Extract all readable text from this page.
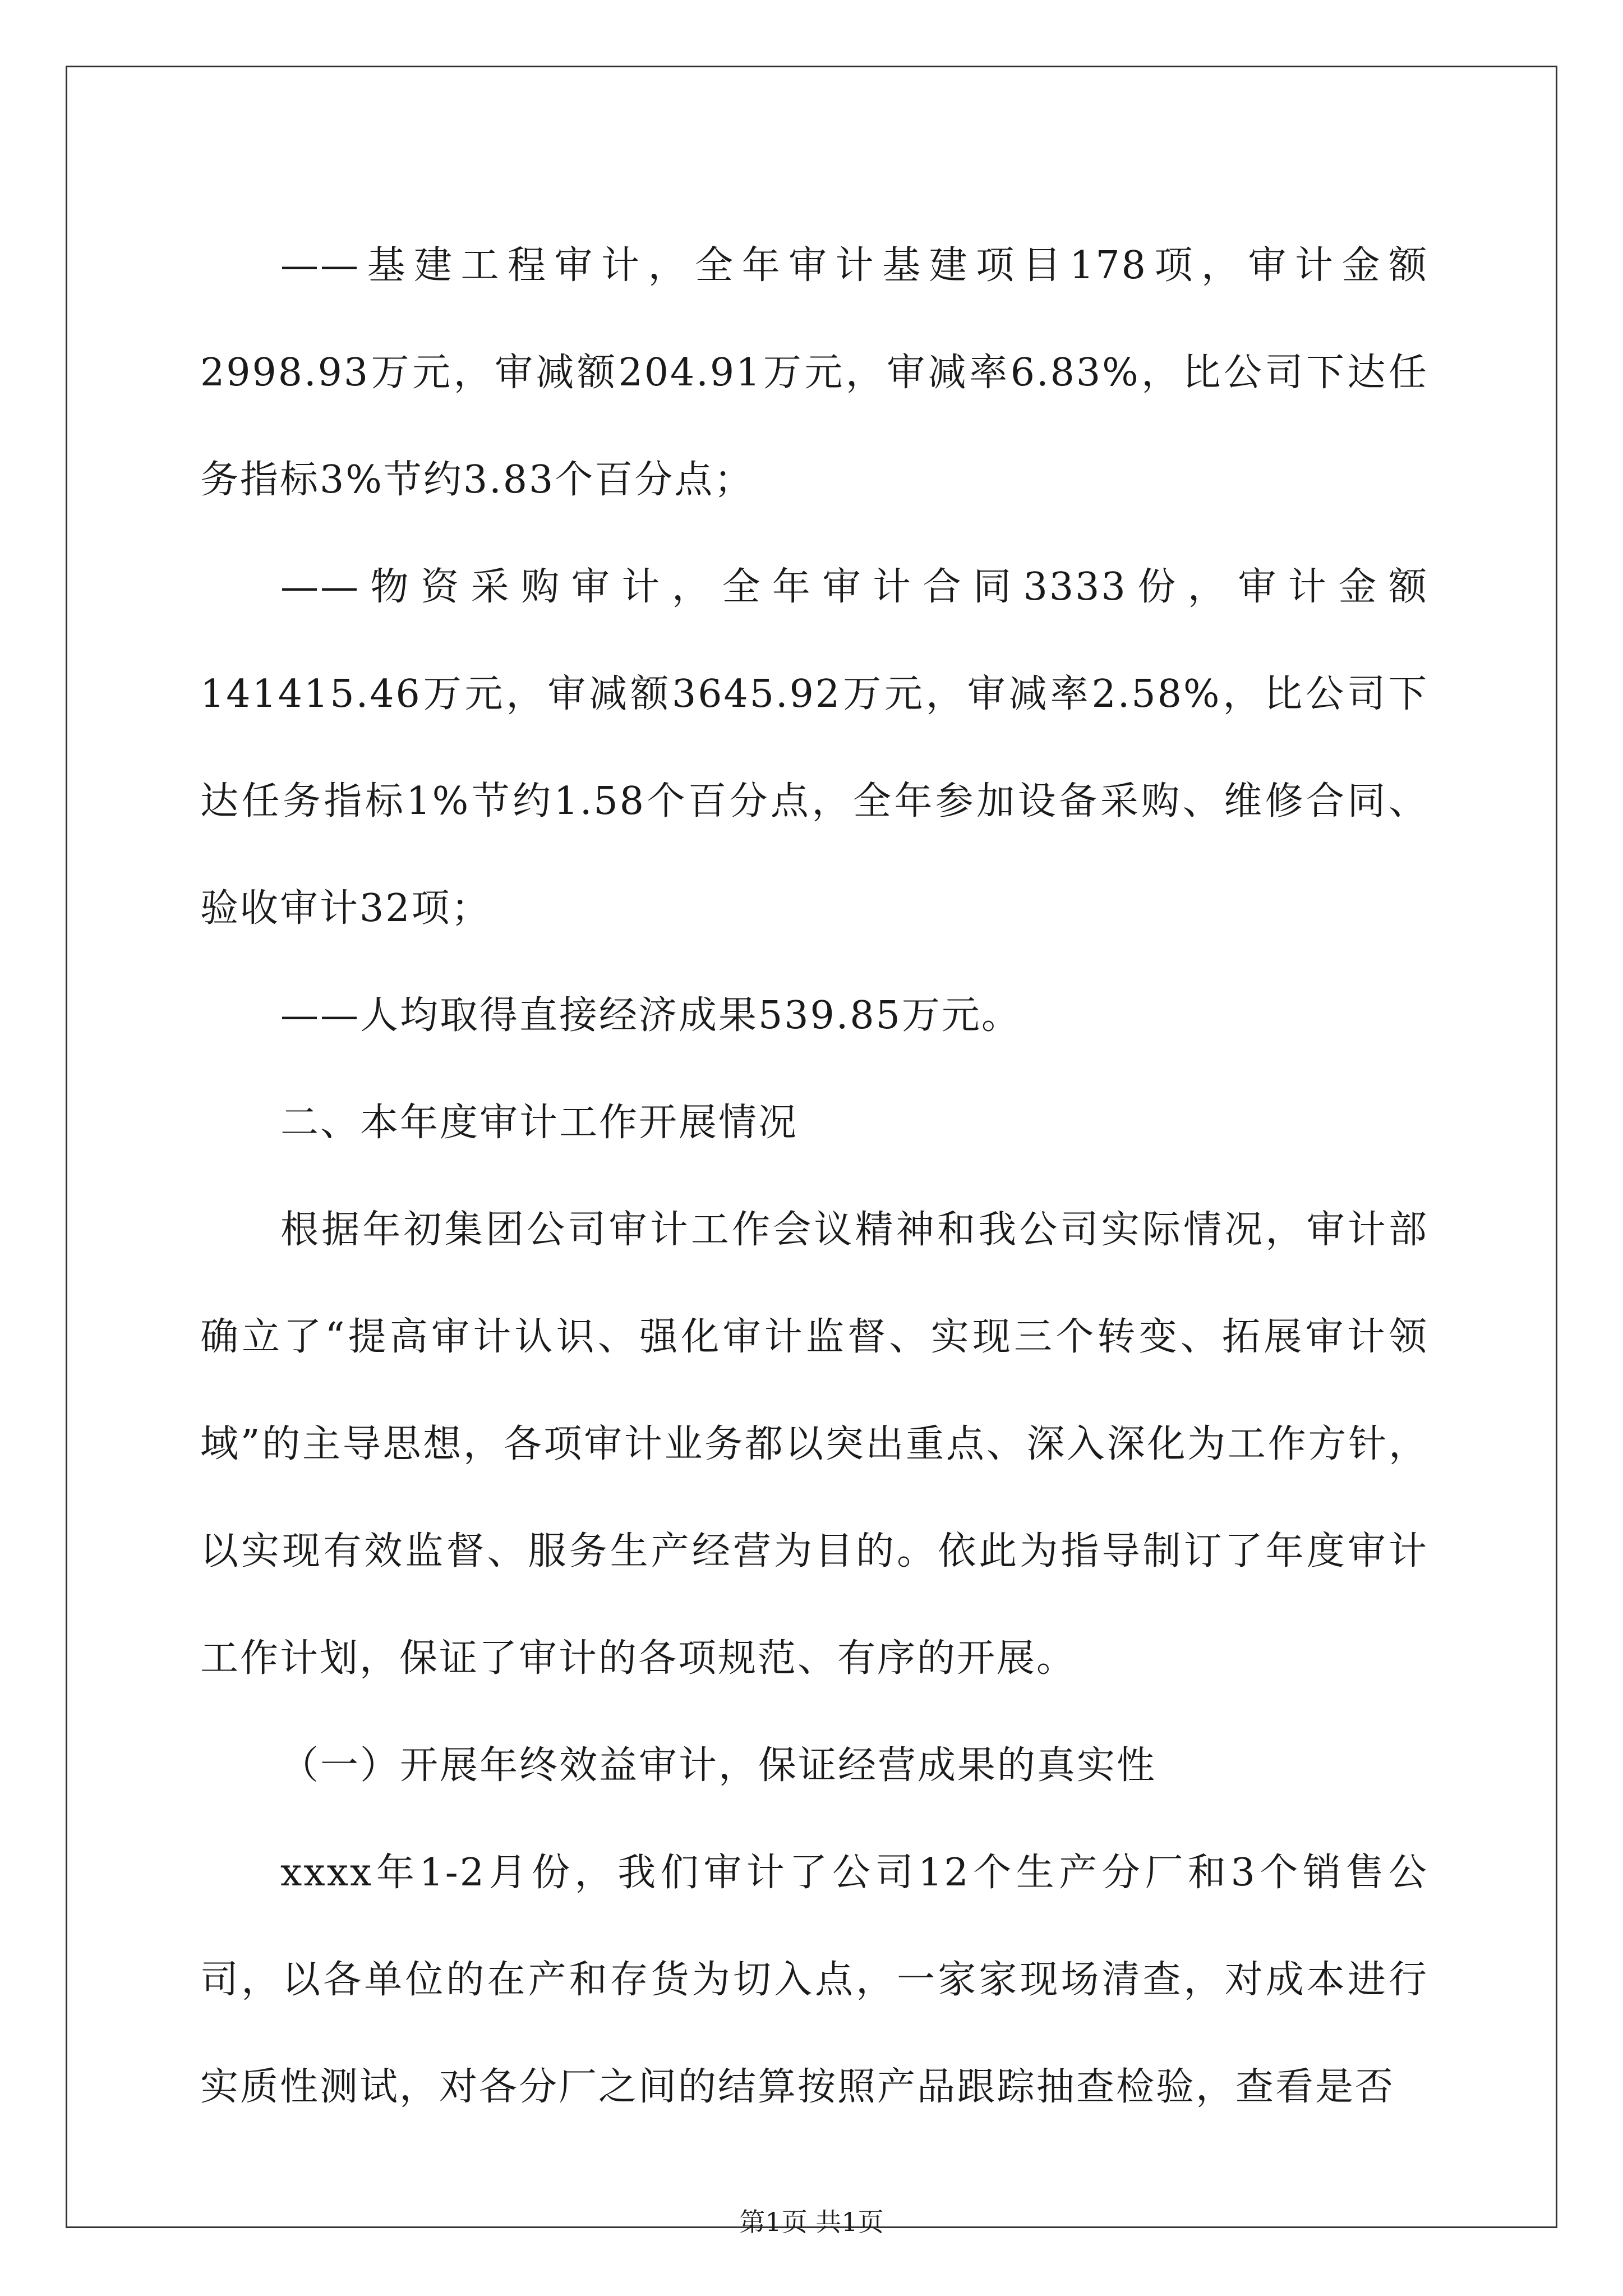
——基建工程审计，全年审计基建项目178项，审计金额2998.93万元，审减额204.91万元，审减率6.83%，比公司下达任务指标3%节约3.83个百分点；

——物资采购审计，全年审计合同3333份，审计金额141415.46万元，审减额3645.92万元，审减率2.58%，比公司下达任务指标1%节约1.58个百分点，全年参加设备采购、维修合同、验收审计32项；

——人均取得直接经济成果539.85万元。

二、本年度审计工作开展情况

根据年初集团公司审计工作会议精神和我公司实际情况，审计部确立了“提高审计认识、强化审计监督、实现三个转变、拓展审计领域”的主导思想，各项审计业务都以突出重点、深入深化为工作方针，以实现有效监督、服务生产经营为目的。依此为指导制订了年度审计工作计划，保证了审计的各项规范、有序的开展。

（一）开展年终效益审计，保证经营成果的真实性

xxxx年1-2月份，我们审计了公司12个生产分厂和3个销售公司，以各单位的在产和存货为切入点，一家家现场清查，对成本进行实质性测试，对各分厂之间的结算按照产品跟踪抽查检验，查看是否

第1页 共1页
